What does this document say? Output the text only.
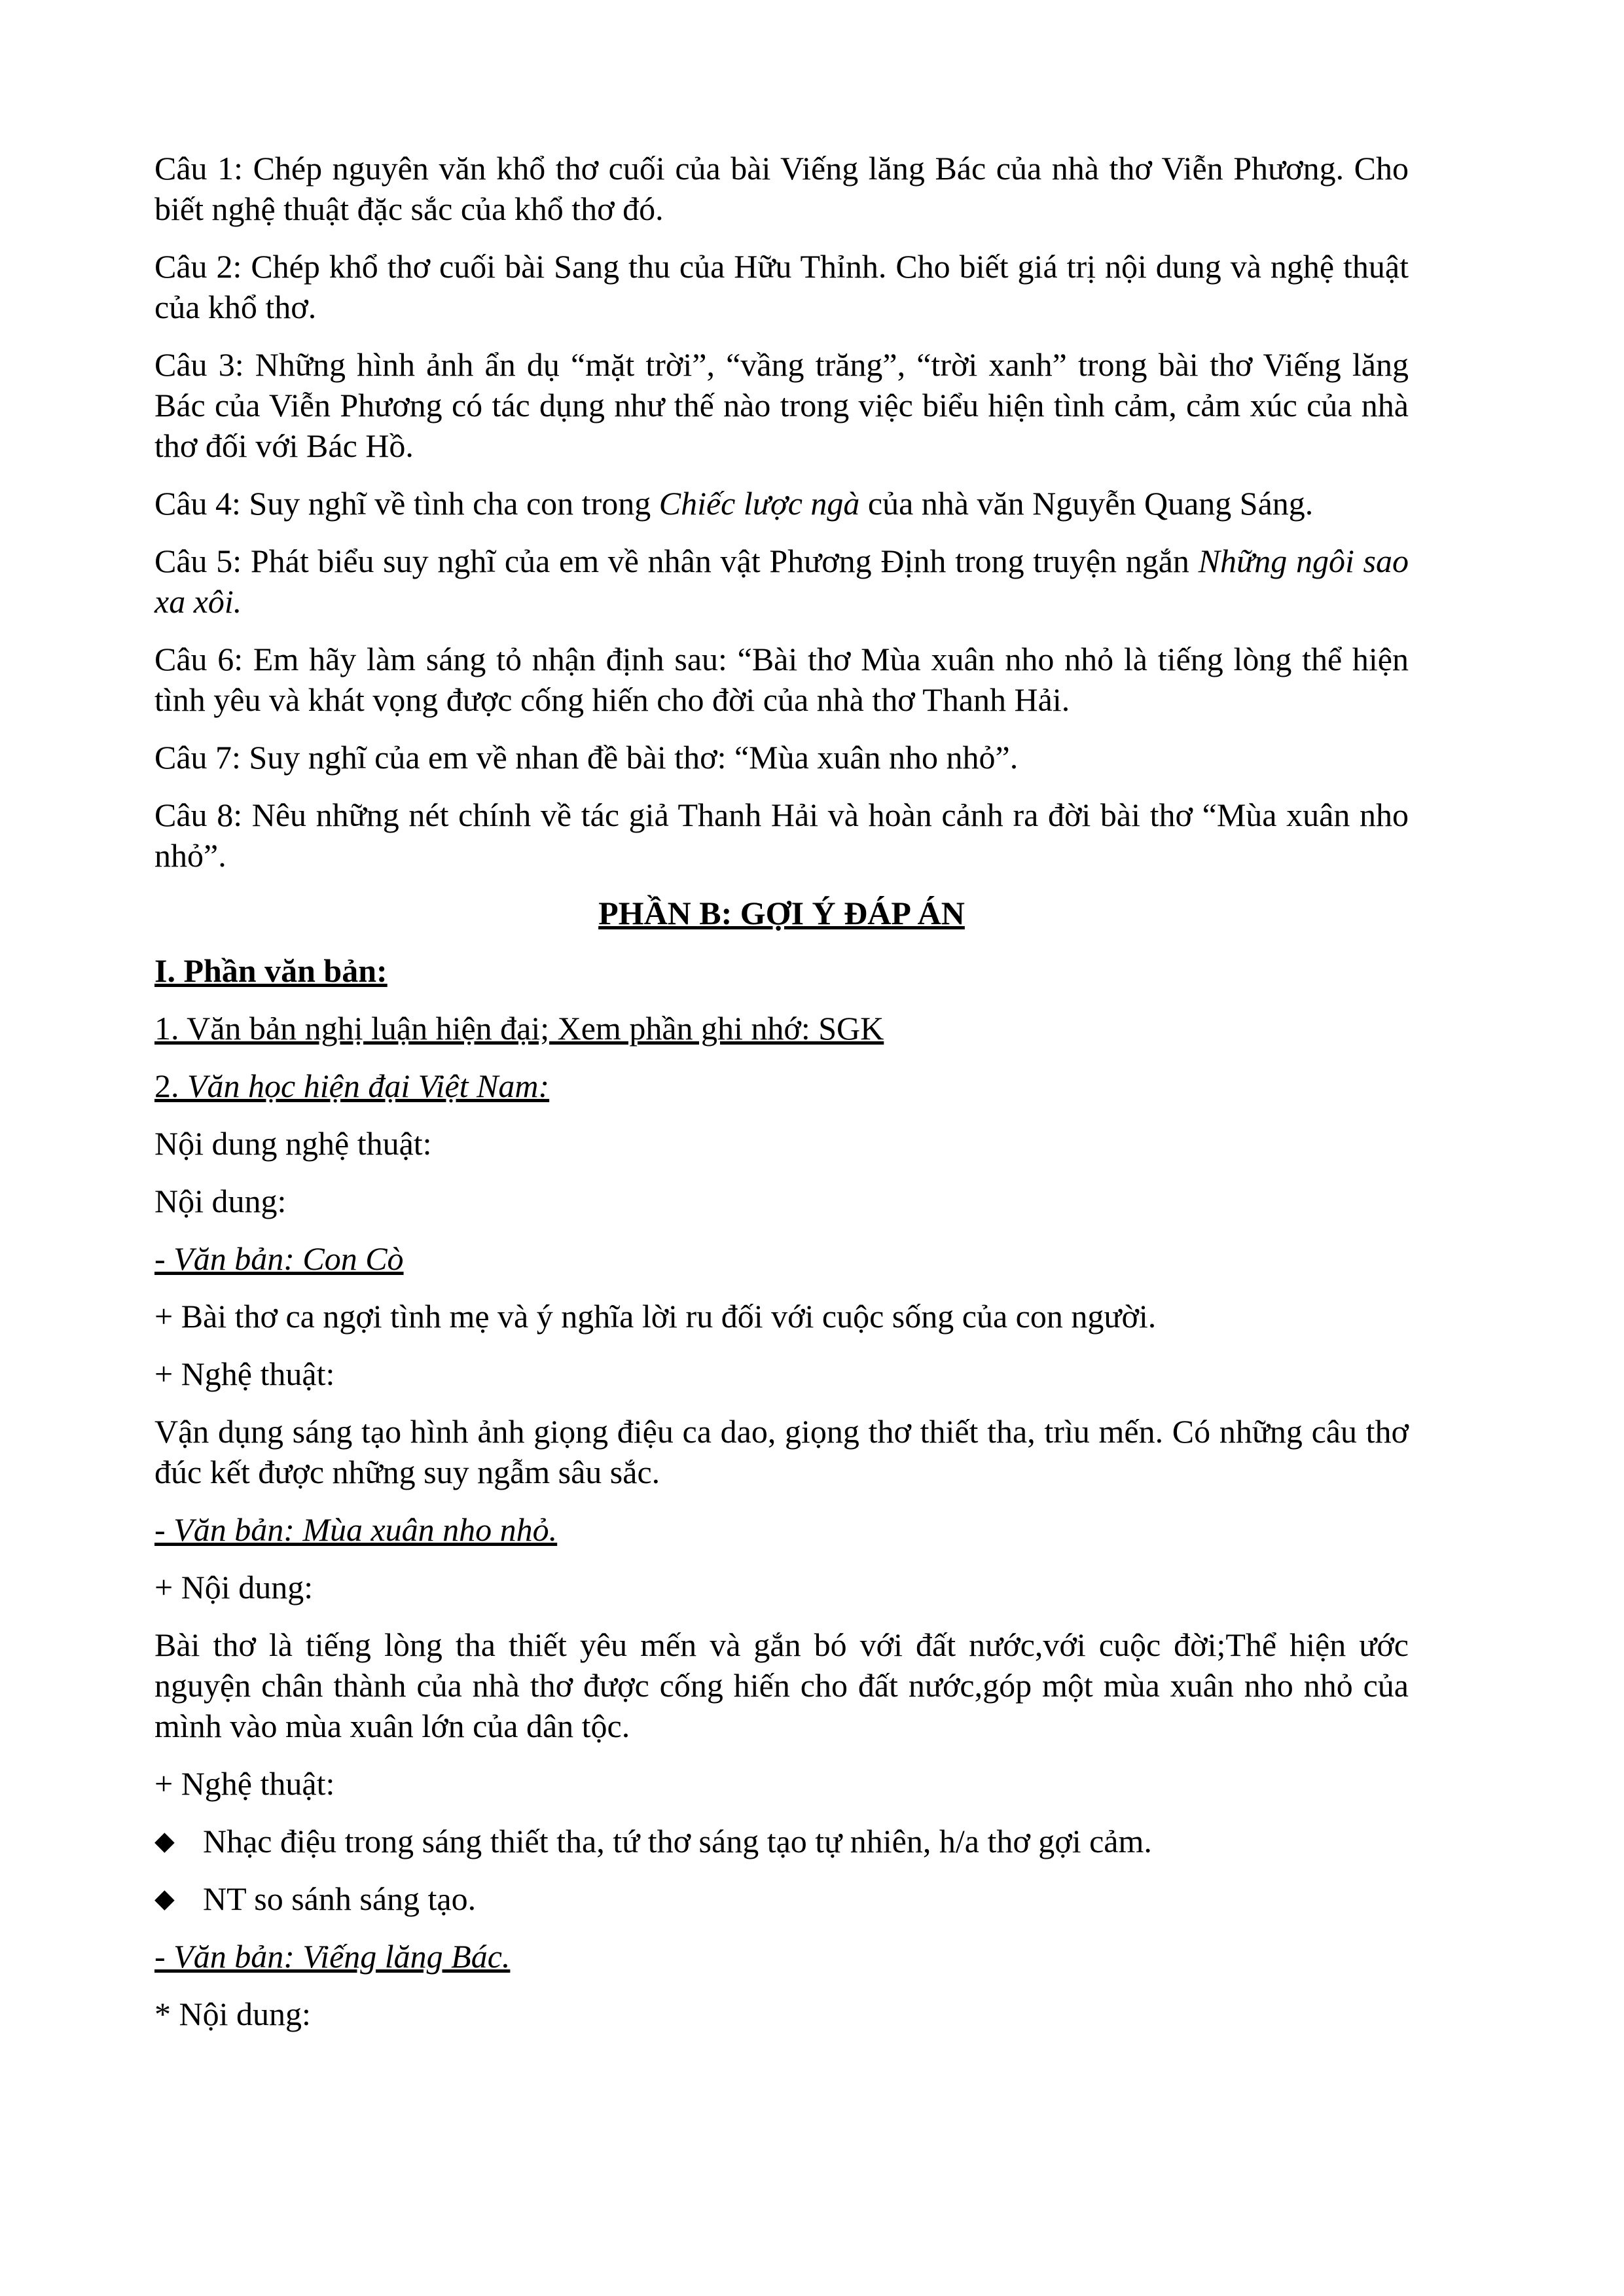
Câu 1: Chép nguyên văn khổ thơ cuối của bài Viếng lăng Bác của nhà thơ Viễn Phương. Cho biết nghệ thuật đặc sắc của khổ thơ đó.

Câu 2: Chép khổ thơ cuối bài Sang thu của Hữu Thỉnh. Cho biết giá trị nội dung và nghệ thuật của khổ thơ.

Câu 3: Những hình ảnh ẩn dụ “mặt trời”, “vầng trăng”, “trời xanh” trong bài thơ Viếng lăng Bác của Viễn Phương có tác dụng như thế nào trong việc biểu hiện tình cảm, cảm xúc của nhà thơ đối với Bác Hồ.

Câu 4: Suy nghĩ về tình cha con trong Chiếc lược ngà của nhà văn Nguyễn Quang Sáng.

Câu 5: Phát biểu suy nghĩ của em về nhân vật Phương Định trong truyện ngắn Những ngôi sao xa xôi.

Câu 6: Em hãy làm sáng tỏ nhận định sau: “Bài thơ Mùa xuân nho nhỏ là tiếng lòng thể hiện tình yêu và khát vọng được cống hiến cho đời của nhà thơ Thanh Hải.

Câu 7: Suy nghĩ của em về nhan đề bài thơ: “Mùa xuân nho nhỏ”.

Câu 8: Nêu những nét chính về tác giả Thanh Hải và hoàn cảnh ra đời bài thơ “Mùa xuân nho nhỏ”.

PHẦN B: GỢI Ý ĐÁP ÁN
I. Phần văn bản:

1. Văn bản nghị luận hiện đại; Xem phần ghi nhớ: SGK

2. Văn học hiện đại Việt Nam:

Nội dung nghệ thuật:

Nội dung:

- Văn bản: Con Cò

+ Bài thơ ca ngợi tình mẹ và ý nghĩa lời ru đối với cuộc sống của con người.

+ Nghệ thuật:

Vận dụng sáng tạo hình ảnh giọng điệu ca dao, giọng thơ thiết tha, trìu mến. Có những câu thơ đúc kết được những suy ngẫm sâu sắc.

- Văn bản: Mùa xuân nho nhỏ.

+ Nội dung:

Bài thơ là tiếng lòng tha thiết yêu mến và gắn bó với đất nước,với cuộc đời;Thể hiện ước nguyện chân thành của nhà thơ được cống hiến cho đất nước,góp một mùa xuân nho nhỏ của mình vào mùa xuân lớn của dân tộc.

+ Nghệ thuật:

◆ Nhạc điệu trong sáng thiết tha, tứ thơ sáng tạo tự nhiên, h/a thơ gợi cảm.
◆ NT so sánh sáng tạo.

- Văn bản: Viếng lăng Bác.

* Nội dung:
